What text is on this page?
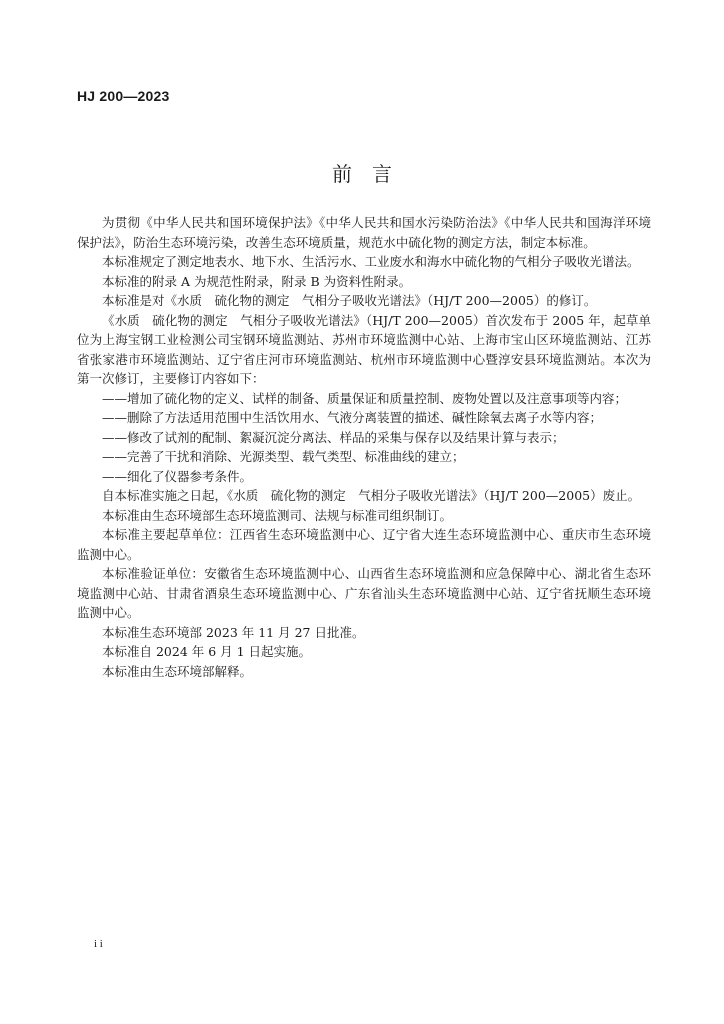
HJ 200—2023
前　言

为贯彻《中华人民共和国环境保护法》《中华人民共和国水污染防治法》《中华人民共和国海洋环境保护法》，防治生态环境污染，改善生态环境质量，规范水中硫化物的测定方法，制定本标准。

本标准规定了测定地表水、地下水、生活污水、工业废水和海水中硫化物的气相分子吸收光谱法。

本标准的附录 A 为规范性附录，附录 B 为资料性附录。

本标准是对《水质　硫化物的测定　气相分子吸收光谱法》（HJ/T 200—2005）的修订。

《水质　硫化物的测定　气相分子吸收光谱法》（HJ/T 200—2005）首次发布于 2005 年，起草单位为上海宝钢工业检测公司宝钢环境监测站、苏州市环境监测中心站、上海市宝山区环境监测站、江苏省张家港市环境监测站、辽宁省庄河市环境监测站、杭州市环境监测中心暨淳安县环境监测站。本次为第一次修订，主要修订内容如下：

——增加了硫化物的定义、试样的制备、质量保证和质量控制、废物处置以及注意事项等内容；

——删除了方法适用范围中生活饮用水、气液分离装置的描述、碱性除氧去离子水等内容；

——修改了试剂的配制、絮凝沉淀分离法、样品的采集与保存以及结果计算与表示；

——完善了干扰和消除、光源类型、载气类型、标准曲线的建立；

——细化了仪器参考条件。

自本标准实施之日起，《水质　硫化物的测定　气相分子吸收光谱法》（HJ/T 200—2005）废止。

本标准由生态环境部生态环境监测司、法规与标准司组织制订。

本标准主要起草单位：江西省生态环境监测中心、辽宁省大连生态环境监测中心、重庆市生态环境监测中心。

本标准验证单位：安徽省生态环境监测中心、山西省生态环境监测和应急保障中心、湖北省生态环境监测中心站、甘肃省酒泉生态环境监测中心、广东省汕头生态环境监测中心站、辽宁省抚顺生态环境监测中心。

本标准生态环境部 2023 年 11 月 27 日批准。

本标准自 2024 年 6 月 1 日起实施。

本标准由生态环境部解释。

i i
